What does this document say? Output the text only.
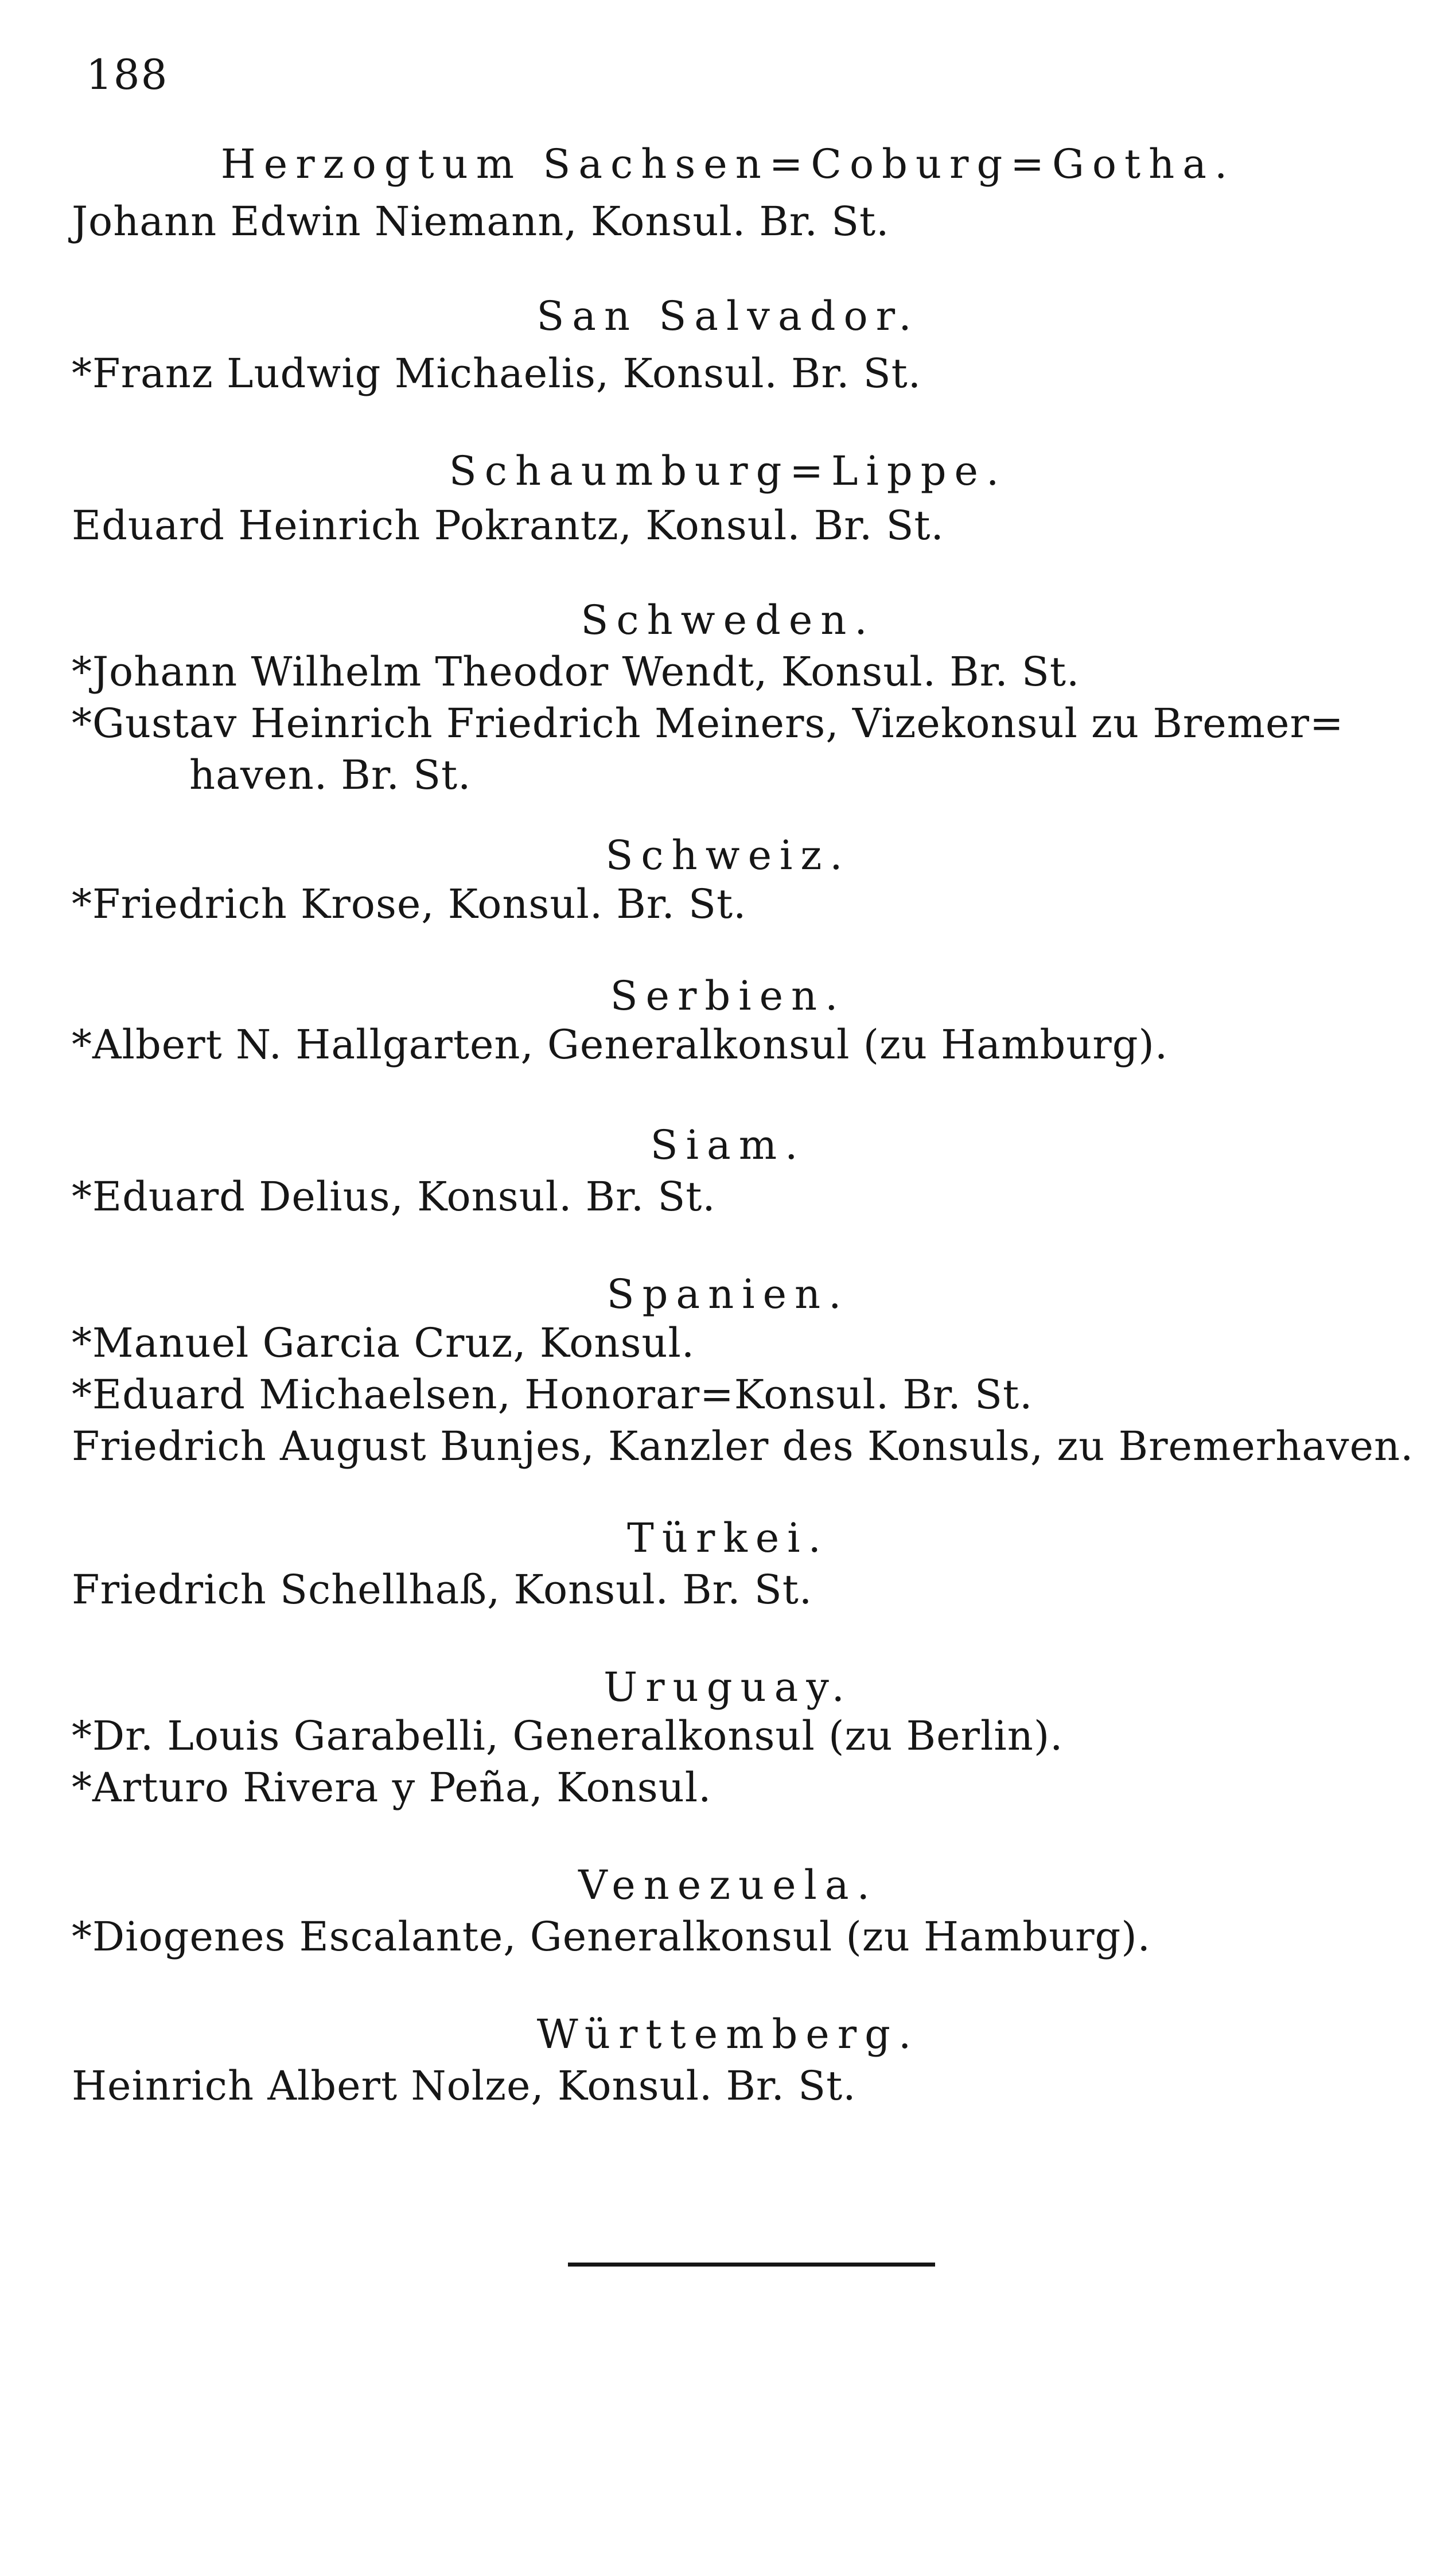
188
Herzogtum Sachsen=Coburg=Gotha.
Johann Edwin Niemann, Konsul. Br. St.
San Salvador.
*Franz Ludwig Michaelis, Konsul. Br. St.
Schaumburg=Lippe.
Eduard Heinrich Pokrantz, Konsul. Br. St.
Schweden.
*Johann Wilhelm Theodor Wendt, Konsul. Br. St.
*Gustav Heinrich Friedrich Meiners, Vizekonsul zu Bremer=
haven. Br. St.
Schweiz.
*Friedrich Krose, Konsul. Br. St.
Serbien.
*Albert N. Hallgarten, Generalkonsul (zu Hamburg).
Siam.
*Eduard Delius, Konsul. Br. St.
Spanien.
*Manuel Garcia Cruz, Konsul.
*Eduard Michaelsen, Honorar=Konsul. Br. St.
Friedrich August Bunjes, Kanzler des Konsuls, zu Bremerhaven.
Türkei.
Friedrich Schellhaß, Konsul. Br. St.
Uruguay.
*Dr. Louis Garabelli, Generalkonsul (zu Berlin).
*Arturo Rivera y Peña, Konsul.
Venezuela.
*Diogenes Escalante, Generalkonsul (zu Hamburg).
Württemberg.
Heinrich Albert Nolze, Konsul. Br. St.
